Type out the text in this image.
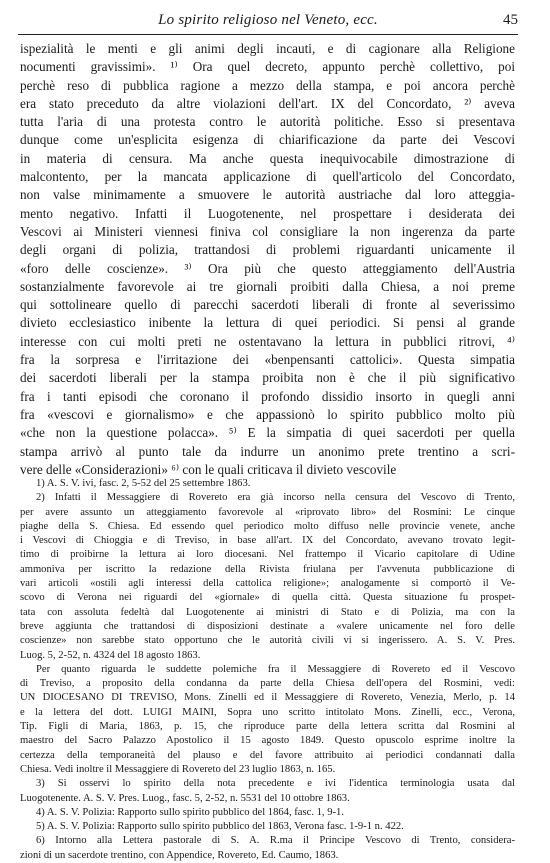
Lo spirito religioso nel Veneto, ecc.	45
ispezialità le menti e gli animi degli incauti, e di cagionare alla Religione
nocumenti gravissimi». ¹⁾ Ora quel decreto, appunto perchè collettivo, poi
perchè reso di pubblica ragione a mezzo della stampa, e poi ancora perchè
era stato preceduto da altre violazioni dell'art. IX del Concordato, ²⁾ aveva
tutta l'aria di una protesta contro le autorità politiche. Esso si presentava
dunque come un'esplicita esigenza di chiarificazione da parte dei Vescovi
in materia di censura. Ma anche questa inequivocabile dimostrazione di
malcontento, per la mancata applicazione di quell'articolo del Concordato,
non valse minimamente a smuovere le autorità austriache dal loro atteggia-
mento negativo. Infatti il Luogotenente, nel prospettare i desiderata dei
Vescovi ai Ministeri viennesi finiva col consigliare la non ingerenza da parte
degli organi di polizia, trattandosi di problemi riguardanti unicamente il
«foro delle coscienze». ³⁾ Ora più che questo atteggiamento dell'Austria
sostanzialmente favorevole ai tre giornali proibiti dalla Chiesa, a noi preme
qui sottolineare quello di parecchi sacerdoti liberali di fronte al severissimo
divieto ecclesiastico inibente la lettura di quei periodici. Si pensi al grande
interesse con cui molti preti ne ostentavano la lettura in pubblici ritrovi, ⁴⁾
fra la sorpresa e l'irritazione dei «benpensanti cattolici». Questa simpatia
dei sacerdoti liberali per la stampa proibita non è che il più significativo
fra i tanti episodi che coronano il profondo dissidio insorto in quegli anni
fra «vescovi e giornalismo» e che appassionò lo spirito pubblico molto più
«che non la questione polacca». ⁵⁾ E la simpatia di quei sacerdoti per quella
stampa arrivò al punto tale da indurre un anonimo prete trentino a scri-
vere delle «Considerazioni» ⁶⁾ con le quali criticava il divieto vescovile
1) A. S. V. ivi, fasc. 2, 5-52 del 25 settembre 1863.
2) Infatti il Messaggiere di Rovereto era già incorso nella censura del Vescovo di Trento,
per avere assunto un atteggiamento favorevole al «riprovato libro» del Rosmini: Le cinque
piaghe della S. Chiesa. Ed essendo quel periodico molto diffuso nelle provincie venete, anche
i Vescovi di Chioggia e di Treviso, in base all'art. IX del Concordato, avevano trovato legit-
timo di proibirne la lettura ai loro diocesani. Nel frattempo il Vicario capitolare di Udine
ammoniva per iscritto la redazione della Rivista friulana per l'avvenuta pubblicazione di
vari articoli «ostili agli interessi della cattolica religione»; analogamente si comportò il Ve-
scovo di Verona nei riguardi del «giornale» di quella città. Questa situazione fu prospet-
tata con assoluta fedeltà dal Luogotenente ai ministri di Stato e di Polizia, ma con la
breve aggiunta che trattandosi di disposizioni destinate a «valere unicamente nel foro delle
coscienze» non sarebbe stato opportuno che le autorità civili vi si ingerissero. A. S. V. Pres.
Luog. 5, 2-52, n. 4324 del 18 agosto 1863.
Per quanto riguarda le suddette polemiche fra il Messaggiere di Rovereto ed il Vescovo
di Treviso, a proposito della condanna da parte della Chiesa dell'opera del Rosmini, vedi:
UN DIOCESANO DI TREVISO, Mons. Zinelli ed il Messaggiere di Rovereto, Venezia, Merlo, p. 14
e la lettera del dott. LUIGI MAINI, Sopra uno scritto intitolato Mons. Zinelli, ecc., Verona,
Tip. Figli di Maria, 1863, p. 15, che riproduce parte della lettera scritta dal Rosmini al
maestro del Sacro Palazzo Apostolico il 15 agosto 1849. Questo opuscolo esprime inoltre la
certezza della temporaneità del plauso e del favore attribuito ai periodici condannati dalla
Chiesa. Vedi inoltre il Messaggiere di Rovereto del 23 luglio 1863, n. 165.
3) Si osservi lo spirito della nota precedente e ivi l'identica terminologia usata dal
Luogotenente. A. S. V. Pres. Luog., fasc. 5, 2-52, n. 5531 del 10 ottobre 1863.
4) A. S. V. Polizia: Rapporto sullo spirito pubblico del 1864, fasc. 1, 9-1.
5) A. S. V. Polizia: Rapporto sullo spirito pubblico del 1863, Verona fasc. 1-9-1 n. 422.
6) Intorno alla Lettera pastorale di S. A. R.ma il Principe Vescovo di Trento, considera-
zioni di un sacerdote trentino, con Appendice, Rovereto, Ed. Caumo, 1863.
